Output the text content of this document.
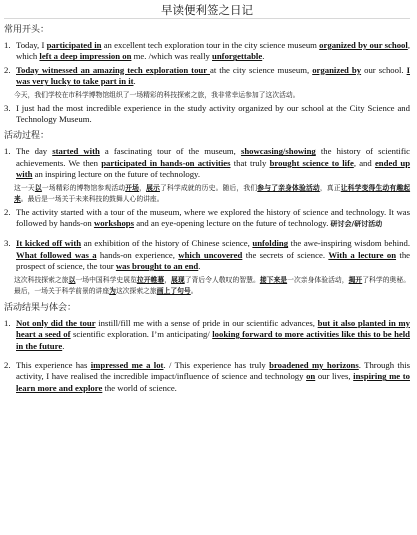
早读便利签之日记
常用开头：
1. Today, I participated in an excellent tech exploration tour in the city science museum organized by our school, which left a deep impression on me. /which was really unforgettable.
2. Today witnessed an amazing tech exploration tour at the city science museum, organized by our school. I was very lucky to take part in it.
今天，我们学校在市科学博物馆组织了一场精彩的科技探索之旅，我非常幸运参加了这次活动。
3. I just had the most incredible experience in the study activity organized by our school at the City Science and Technology Museum.
活动过程：
1. The day started with a fascinating tour of the museum, showcasing/showing the history of scientific achievements. We then participated in hands-on activities that truly brought science to life, and ended up with an inspiring lecture on the future of technology.
这一天以一场精彩的博物馆参观活动开场，展示了科学成就的历史。随后，我们参与了亲身体验活动，真正让科学变得生动有趣起来。最后是一场关于未来科技的鼓舞人心的讲座。
2. The activity started with a tour of the museum, where we explored the history of science and technology. It was followed by hands-on workshops and an eye-opening lecture on the future of technology. 研讨会/研讨活动
3. It kicked off with an exhibition of the history of Chinese science, unfolding the awe-inspiring wisdom behind. What followed was a hands-on experience, which uncovered the secrets of science. With a lecture on the prospect of science, the tour was brought to an end.
这次科技探索之旅以一场中国科学史展览拉开帷幕，展现了背后令人敬叹的智慧。接下来是一次亲身体验活动，揭开了科学的奥秘。最后，一场关于科学前景的讲座为这次探索之旅画上了句号。
活动结果与体会：
1. Not only did the tour instill/fill me with a sense of pride in our scientific advances, but it also planted in my heart a seed of scientific exploration. I’m anticipating/ looking forward to more activities like this to be held in the future.
2. This experience has impressed me a lot. / This experience has truly broadened my horizons. Through this activity, I have realised the incredible impact/influence of science and technology on our lives, inspiring me to learn more and explore the world of science.
